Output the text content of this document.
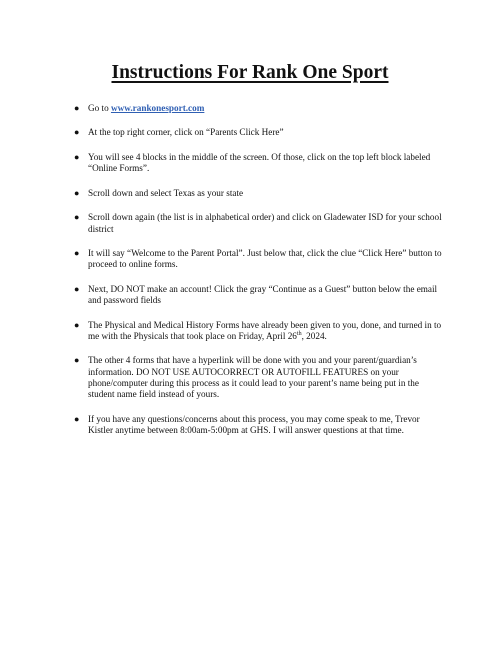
Instructions For Rank One Sport
● Go to www.rankonesport.com
● At the top right corner, click on “Parents Click Here”
● You will see 4 blocks in the middle of the screen. Of those, click on the top left block labeled “Online Forms”.
● Scroll down and select Texas as your state
● Scroll down again (the list is in alphabetical order) and click on Gladewater ISD for your school district
● It will say “Welcome to the Parent Portal”. Just below that, click the clue “Click Here” button to proceed to online forms.
● Next, DO NOT make an account! Click the gray “Continue as a Guest” button below the email and password fields
● The Physical and Medical History Forms have already been given to you, done, and turned in to me with the Physicals that took place on Friday, April 26th, 2024.
● The other 4 forms that have a hyperlink will be done with you and your parent/guardian’s information. DO NOT USE AUTOCORRECT OR AUTOFILL FEATURES on your phone/computer during this process as it could lead to your parent’s name being put in the student name field instead of yours.
● If you have any questions/concerns about this process, you may come speak to me, Trevor Kistler anytime between 8:00am-5:00pm at GHS. I will answer questions at that time.
